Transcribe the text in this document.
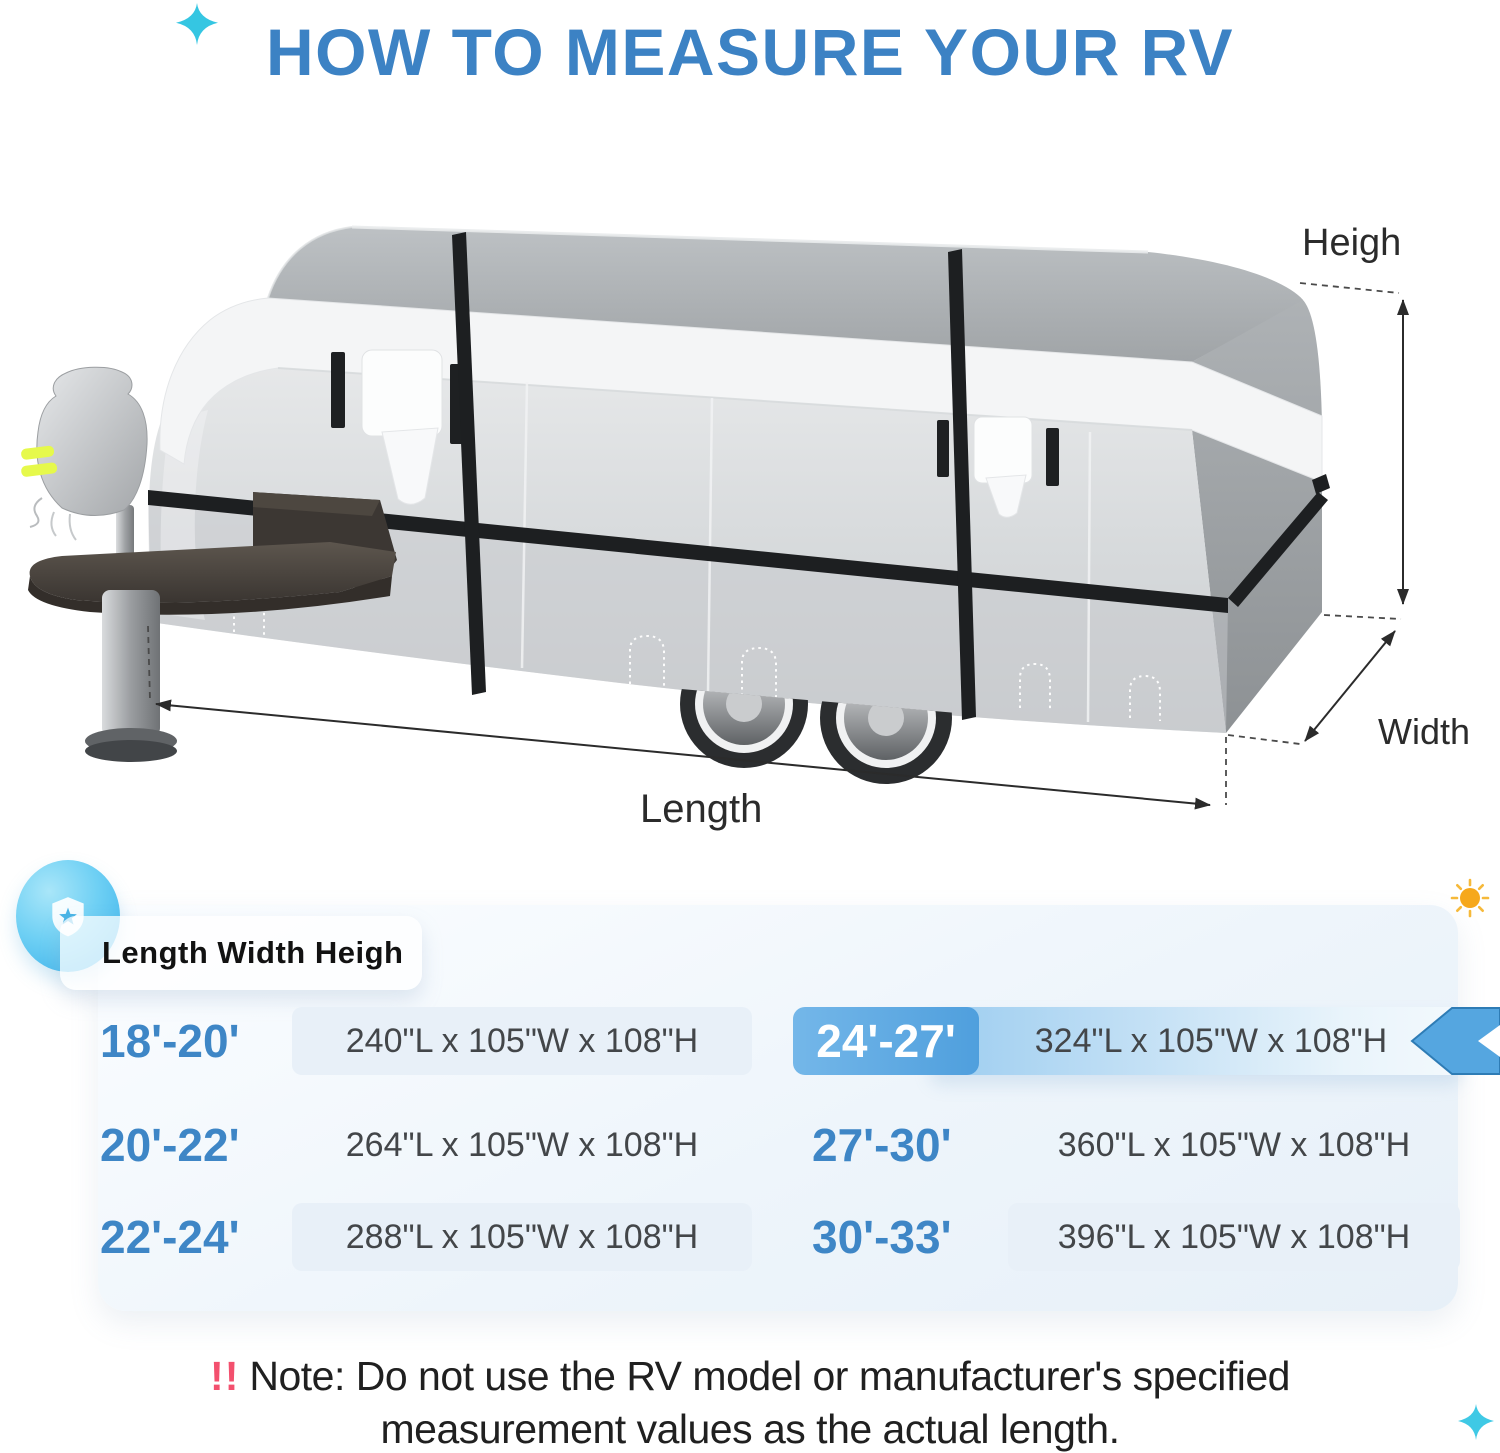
Heigh
Width
Length
HOW TO MEASURE YOUR RV
Length Width Heigh
18'-20'	240"L x 105"W x 108"H	24'-27'	324"L x 105"W x 108"H
20'-22'	264"L x 105"W x 108"H 27'-30'	360"L x 105"W x 108"H
22'-24'	288"L x 105"W x 108"H 30'-33'	396"L x 105"W x 108"H
!! Note: Do not use the RV model or manufacturer's specified
measurement values as the actual length.
